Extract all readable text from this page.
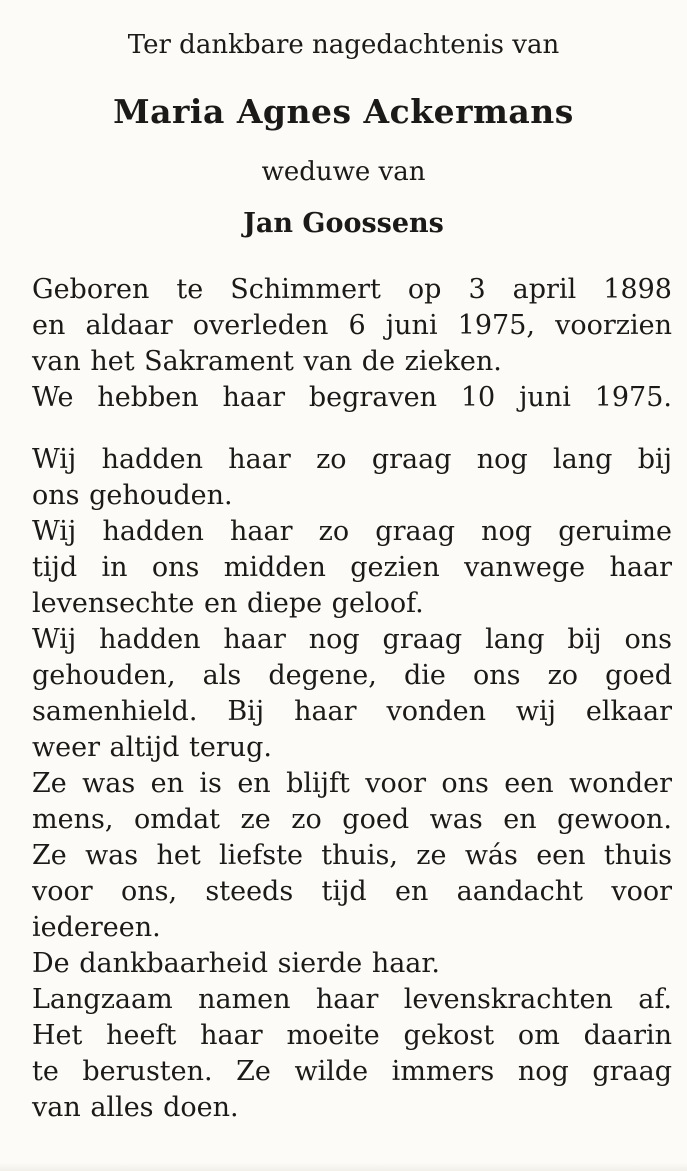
Ter dankbare nagedachtenis van
Maria Agnes Ackermans
weduwe van
Jan Goossens

Geboren te Schimmert op 3 april 1898

en aldaar overleden 6 juni 1975, voorzien

van het Sakrament van de zieken.

We hebben haar begraven 10 juni 1975.

Wij hadden haar zo graag nog lang bij

ons gehouden.

Wij hadden haar zo graag nog geruime

tijd in ons midden gezien vanwege haar

levensechte en diepe geloof.

Wij hadden haar nog graag lang bij ons

gehouden, als degene, die ons zo goed

samenhield. Bij haar vonden wij elkaar

weer altijd terug.

Ze was en is en blijft voor ons een wonder

mens, omdat ze zo goed was en gewoon.

Ze was het liefste thuis, ze wás een thuis

voor ons, steeds tijd en aandacht voor

iedereen.

De dankbaarheid sierde haar.

Langzaam namen haar levenskrachten af.

Het heeft haar moeite gekost om daarin

te berusten. Ze wilde immers nog graag

van alles doen.
